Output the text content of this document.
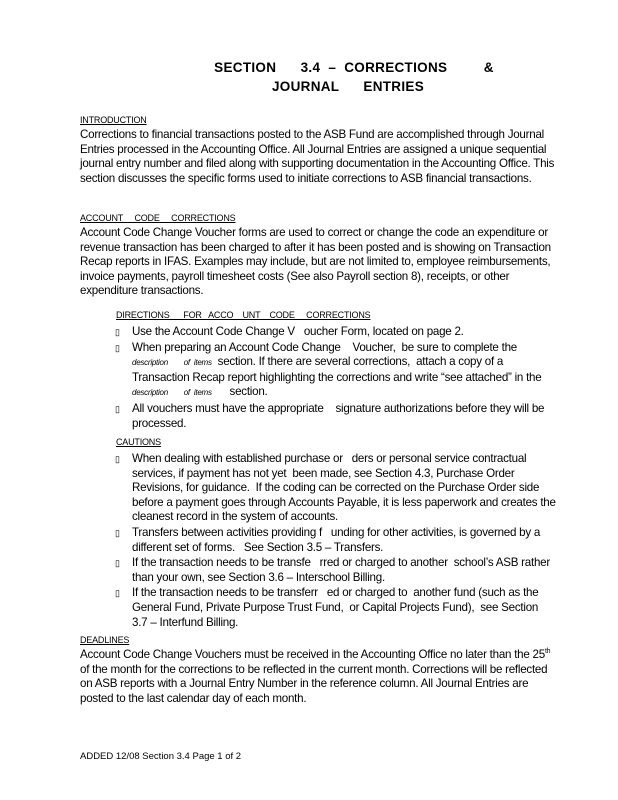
SECTION      3.4  –  CORRECTIONS         &
JOURNAL      ENTRIES
INTRODUCTION

Corrections to financial transactions posted to the ASB Fund are accomplished through Journal Entries processed in the Accounting Office. All Journal Entries are assigned a unique sequential journal entry number and filed along with supporting documentation in the Accounting Office. This section discusses the specific forms used to initiate corrections to ASB financial transactions.

ACCOUNT     CODE     CORRECTIONS

Account Code Change Voucher forms are used to correct or change the code an expenditure or revenue transaction has been charged to after it has been posted and is showing on Transaction Recap reports in IFAS. Examples may include, but are not limited to, employee reimbursements, invoice payments, payroll timesheet costs (See also Payroll section 8), receipts, or other expenditure transactions.

DIRECTIONS      FOR   ACCO    UNT    CODE     CORRECTIONS
▯ Use the Account Code Change V   oucher Form, located on page 2.
▯ When preparing an Account Code Change    Voucher,  be sure to complete the description        of  items  section. If there are several corrections,  attach a copy of a Transaction Recap report highlighting the corrections and write “see attached” in the  description        of  items      section.
▯ All vouchers must have the appropriate    signature authorizations before they will be processed.
CAUTIONS
▯ When dealing with established purchase or   ders or personal service contractual services, if payment has not yet  been made, see Section 4.3, Purchase Order Revisions, for guidance.  If the coding can be corrected on the Purchase Order side before a payment goes through Accounts Payable, it is less paperwork and creates the cleanest record in the system of accounts.
▯ Transfers between activities providing f   unding for other activities, is governed by a different set of forms.   See Section 3.5 – Transfers.
▯ If the transaction needs to be transfe   rred or charged to another  school’s ASB rather than your own, see Section 3.6 – Interschool Billing.
▯ If the transaction needs to be transferr   ed or charged to  another fund (such as the General Fund, Private Purpose Trust Fund,  or Capital Projects Fund),  see Section 3.7 – Interfund Billing.
DEADLINES

Account Code Change Vouchers must be received in the Accounting Office no later than the 25th of the month for the corrections to be reflected in the current month. Corrections will be reflected on ASB reports with a Journal Entry Number in the reference column. All Journal Entries are posted to the last calendar day of each month.

ADDED 12/08 Section 3.4 Page 1 of 2
